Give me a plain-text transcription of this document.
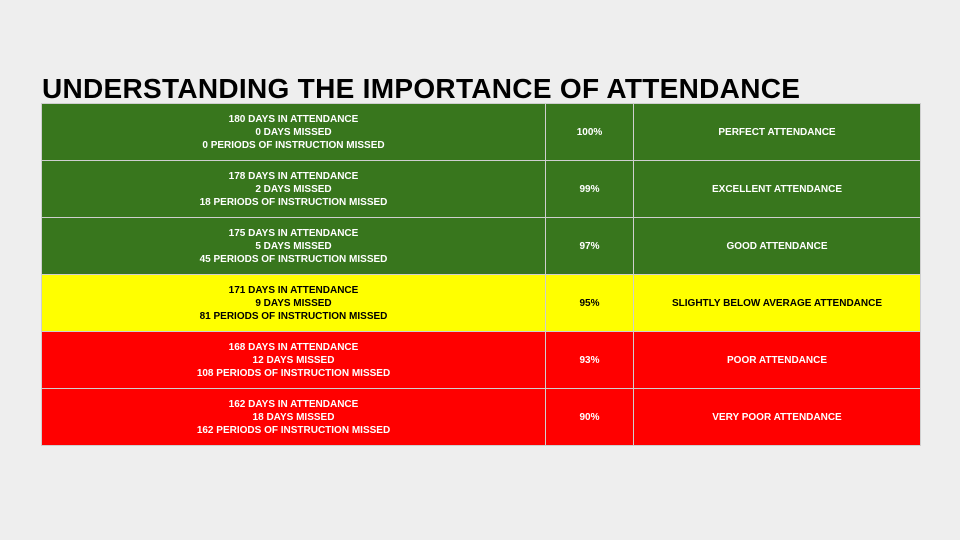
UNDERSTANDING THE IMPORTANCE OF ATTENDANCE
180 DAYS IN ATTENDANCE
0 DAYS MISSED
0 PERIODS OF INSTRUCTION MISSED	100%	PERFECT ATTENDANCE

178 DAYS IN ATTENDANCE
2 DAYS MISSED
18 PERIODS OF INSTRUCTION MISSED	99%	EXCELLENT ATTENDANCE

175 DAYS IN ATTENDANCE
5 DAYS MISSED
45 PERIODS OF INSTRUCTION MISSED	97%	GOOD ATTENDANCE

171 DAYS IN ATTENDANCE
9 DAYS MISSED
81 PERIODS OF INSTRUCTION MISSED	95%	SLIGHTLY BELOW AVERAGE ATTENDANCE

168 DAYS IN ATTENDANCE
12 DAYS MISSED
108 PERIODS OF INSTRUCTION MISSED	93%	POOR ATTENDANCE

162 DAYS IN ATTENDANCE
18 DAYS MISSED
162 PERIODS OF INSTRUCTION MISSED	90%	VERY POOR ATTENDANCE
